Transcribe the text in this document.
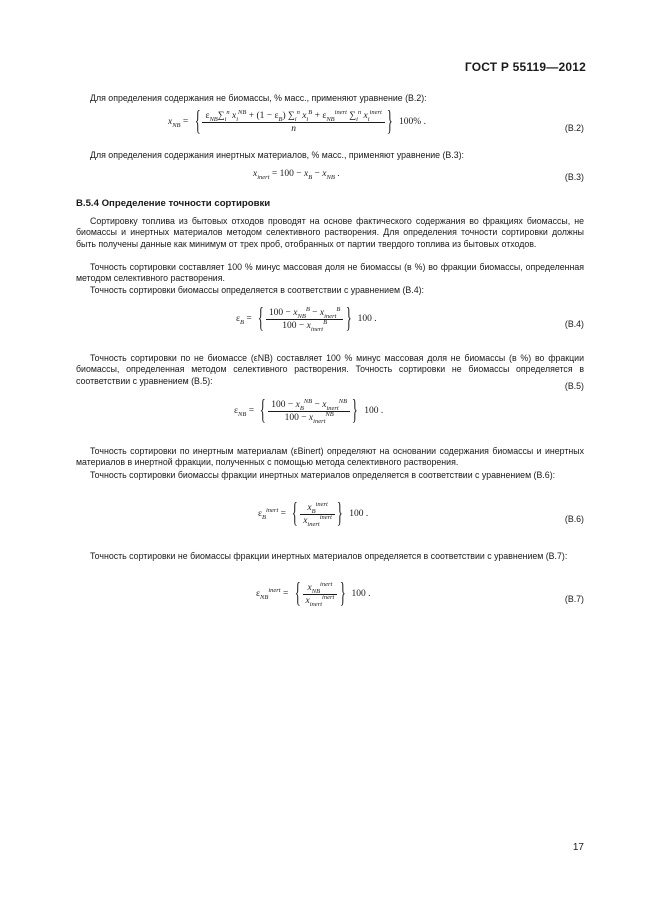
ГОСТ Р 55119—2012
Для определения содержания не биомассы, % масс., применяют уравнение (В.2):
$x_{NB}$ = { $\frac{\varepsilon_{NB}\sum_i^n x_i^{NB} + (1 - \varepsilon_B) \sum_i^n x_i^B + \varepsilon_{NB}^{inert} \sum_i^n x_i^{inert}}{n}$ } 100% .
(В.2)
Для определения содержания инертных материалов, % масс., применяют уравнение (В.3):
$x_{inert} = 100 - x_B - x_{NB}$ .	(В.3)
В.5.4 Определение точности сортировки
Сортировку топлива из бытовых отходов проводят на основе фактического содержания во фракциях биомассы, не биомассы и инертных материалов методом селективного растворения. Для определения точности сортировки должны быть получены данные как минимум от трех проб, отобранных от партии твердого топлива из бытовых отходов.
Точность сортировки составляет 100 % минус массовая доля не биомассы (в %) во фракции биомассы, определенная методом селективного растворения.
Точность сортировки биомассы определяется в соответствии с уравнением (В.4):
$\varepsilon_B$ = { $\frac{100 - x_{NB}^B - x_{inert}^B}{100 - x_{inert}^B}$ } 100 .	(В.4)
Точность сортировки по не биомассе (εNB) составляет 100 % минус массовая доля не биомассы (в %) во фракции биомассы, определенная методом селективного растворения. Точность сортировки не биомассы определяется в соответствии с уравнением (В.5):
$\varepsilon_{NB}$ = { $\frac{100 - x_B^{NB} - x_{inert}^{NB}}{100 - x_{inert}^{NB}}$ } 100 .
(В.5)
Точность сортировки по инертным материалам (εBinert) определяют на основании содержания биомассы и инертных материалов в инертной фракции, полученных с помощью метода селективного растворения.
Точность сортировки биомассы фракции инертных материалов определяется в соответствии с уравнением (В.6):
$\varepsilon_B^{inert}$ = { $\frac{x_B^{inert}}{x_{inert}^{inert}}$ } 100 .	(В.6)
Точность сортировки не биомассы фракции инертных материалов определяется в соответствии с уравнением (В.7):
$\varepsilon_{NB}^{inert}$ = { $\frac{x_{NB}^{inert}}{x_{inert}^{inert}}$ } 100 .	(В.7)
17
